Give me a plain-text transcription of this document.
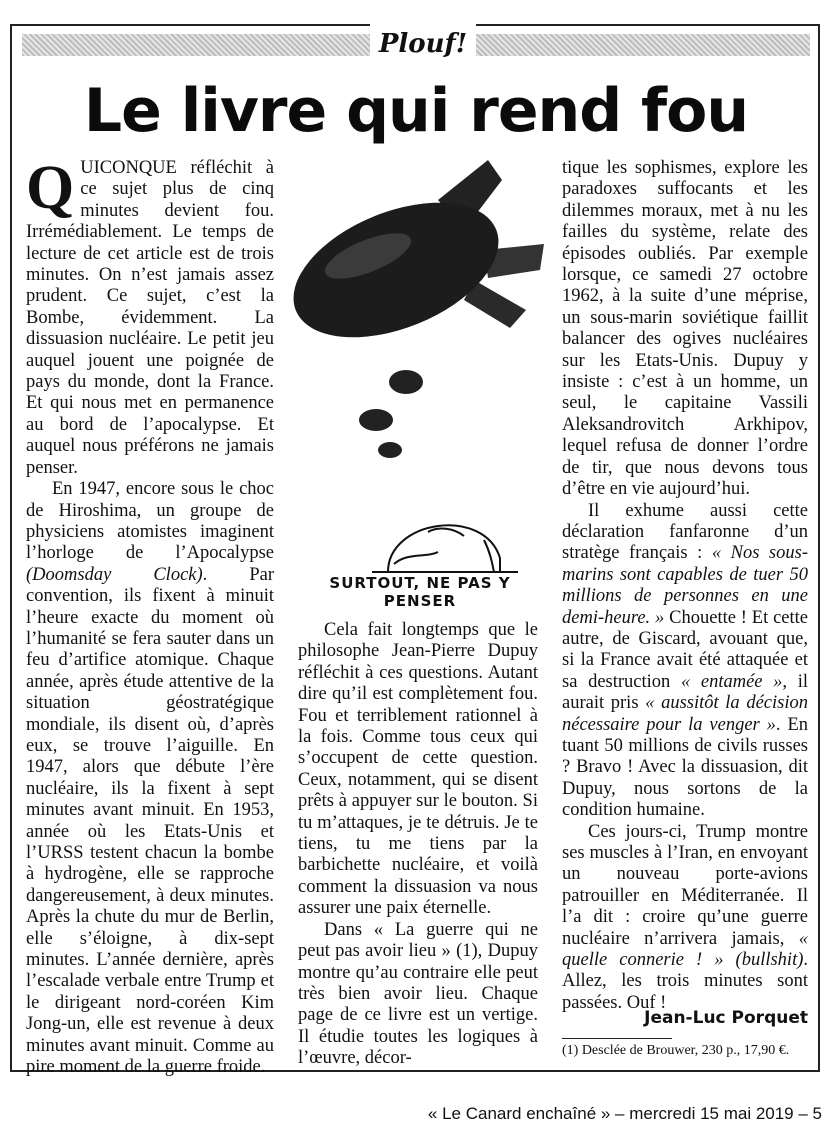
Plouf!
Le livre qui rend fou

QUICONQUE réfléchit à ce sujet plus de cinq minutes devient fou. Irrémédiablement. Le temps de lecture de cet article est de trois minutes. On n’est jamais assez prudent. Ce sujet, c’est la Bombe, évidemment. La dissuasion nucléaire. Le petit jeu auquel jouent une poignée de pays du monde, dont la France. Et qui nous met en permanence au bord de l’apocalypse. Et auquel nous préférons ne jamais penser.

En 1947, encore sous le choc de Hiroshima, un groupe de physiciens atomistes imaginent l’horloge de l’Apocalypse (Doomsday Clock). Par convention, ils fixent à minuit l’heure exacte du moment où l’humanité se fera sauter dans un feu d’artifice atomique. Chaque année, après étude attentive de la situation géostratégique mondiale, ils disent où, d’après eux, se trouve l’aiguille. En 1947, alors que débute l’ère nucléaire, ils la fixent à sept minutes avant minuit. En 1953, année où les Etats-Unis et l’URSS testent chacun la bombe à hydrogène, elle se rapproche dangereusement, à deux minutes. Après la chute du mur de Berlin, elle s’éloigne, à dix-sept minutes. L’année dernière, après l’escalade verbale entre Trump et le dirigeant nord-coréen Kim Jong-un, elle est revenue à deux minutes avant minuit. Comme au pire moment de la guerre froide.

SURTOUT, NE PAS Y PENSER

Cela fait longtemps que le philosophe Jean-Pierre Dupuy réfléchit à ces questions. Autant dire qu’il est complètement fou. Fou et terriblement rationnel à la fois. Comme tous ceux qui s’occupent de cette question. Ceux, notamment, qui se disent prêts à appuyer sur le bouton. Si tu m’attaques, je te détruis. Je te tiens, tu me tiens par la barbichette nucléaire, et voilà comment la dissuasion va nous assurer une paix éternelle.

Dans « La guerre qui ne peut pas avoir lieu » (1), Dupuy montre qu’au contraire elle peut très bien avoir lieu. Chaque page de ce livre est un vertige. Il étudie toutes les logiques à l’œuvre, décor-

tique les sophismes, explore les paradoxes suffocants et les dilemmes moraux, met à nu les failles du système, relate des épisodes oubliés. Par exemple lorsque, ce samedi 27 octobre 1962, à la suite d’une méprise, un sous-marin soviétique faillit balancer des ogives nucléaires sur les Etats-Unis. Dupuy y insiste : c’est à un homme, un seul, le capitaine Vassili Aleksandrovitch Arkhipov, lequel refusa de donner l’ordre de tir, que nous devons tous d’être en vie aujourd’hui.

Il exhume aussi cette déclaration fanfaronne d’un stratège français : « Nos sous-marins sont capables de tuer 50 millions de personnes en une demi-heure. » Chouette ! Et cette autre, de Giscard, avouant que, si la France avait été attaquée et sa destruction « entamée », il aurait pris « aussitôt la décision nécessaire pour la venger ». En tuant 50 millions de civils russes ? Bravo ! Avec la dissuasion, dit Dupuy, nous sortons de la condition humaine.

Ces jours-ci, Trump montre ses muscles à l’Iran, en envoyant un nouveau porte-avions patrouiller en Méditerranée. Il l’a dit : croire qu’une guerre nucléaire n’arrivera jamais, « quelle connerie ! » (bullshit). Allez, les trois minutes sont passées. Ouf !

Jean-Luc Porquet
(1) Desclée de Brouwer, 230 p., 17,90 €.
« Le Canard enchaîné » – mercredi 15 mai 2019 – 5
